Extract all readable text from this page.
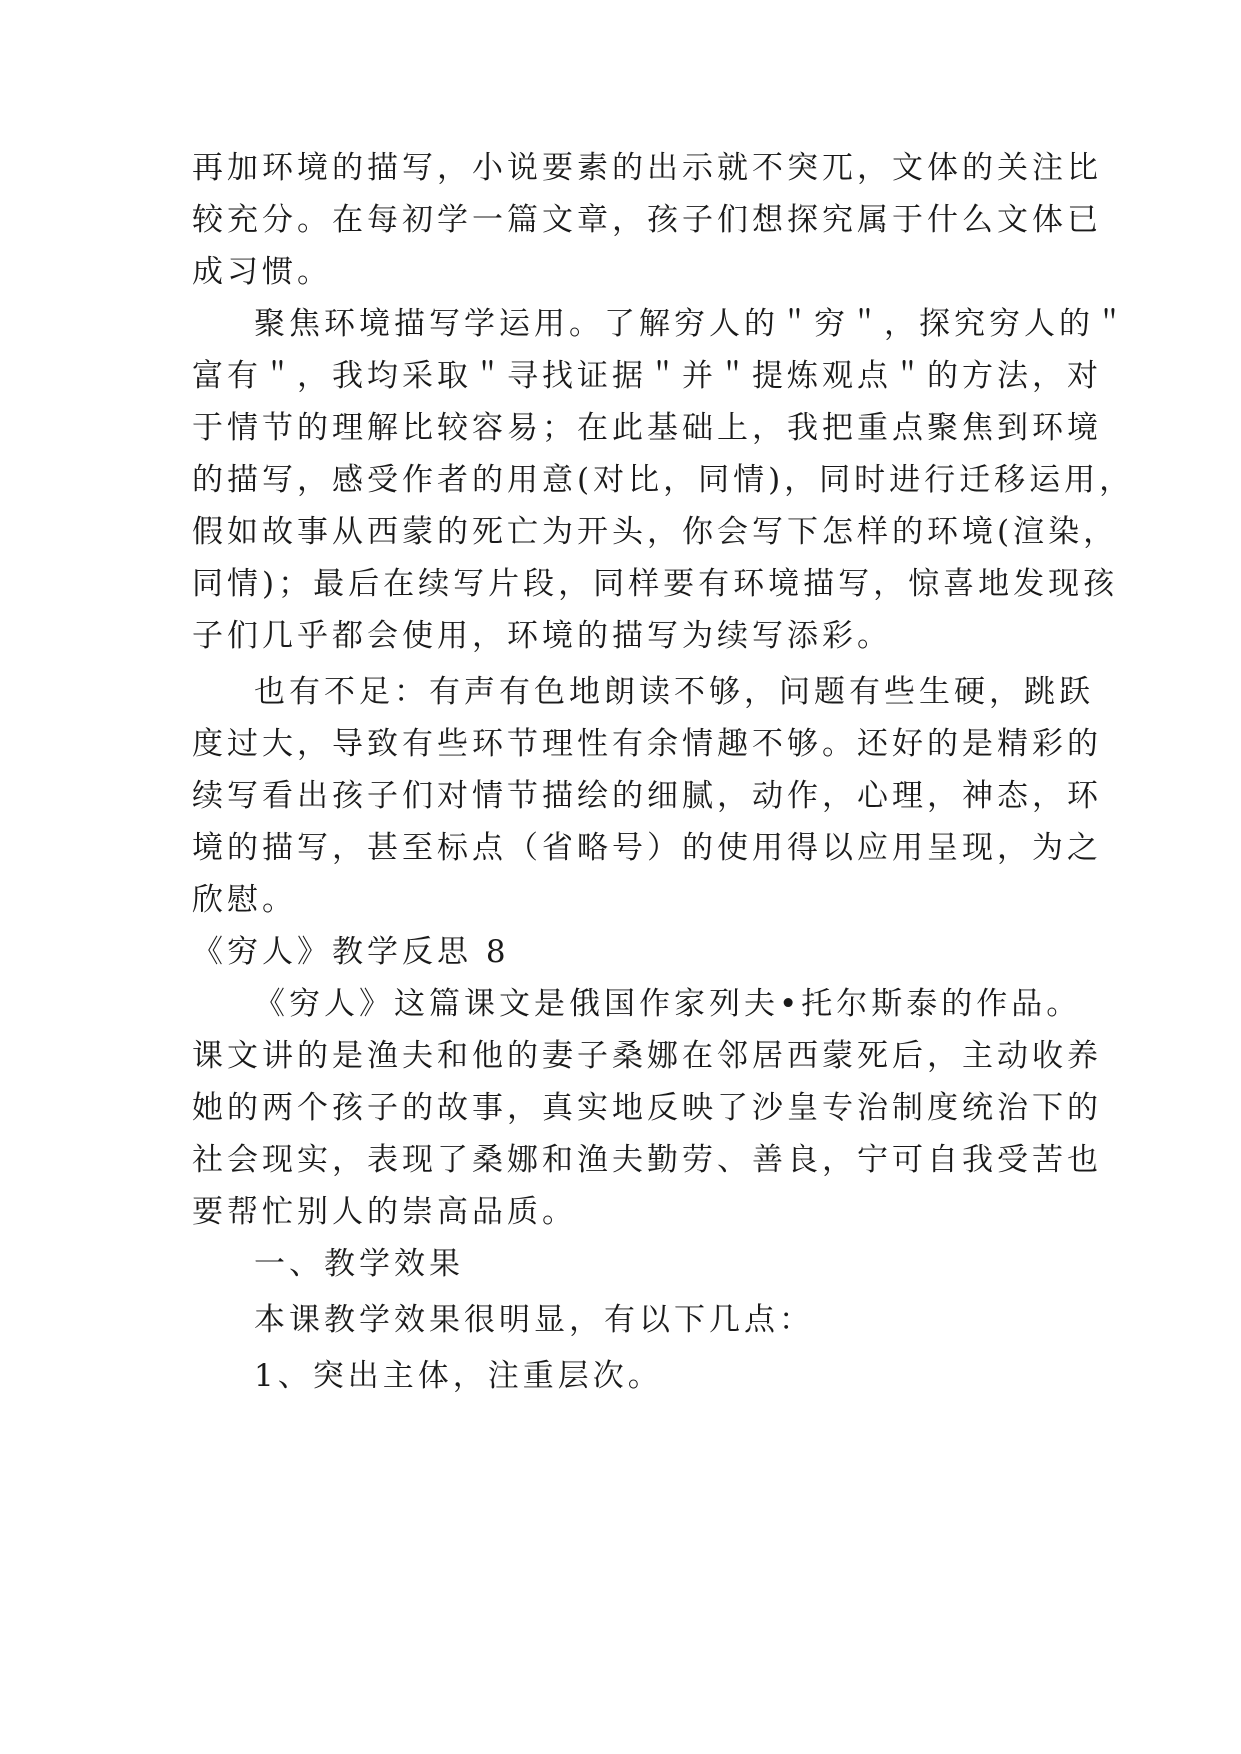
再加环境的描写，小说要素的出示就不突兀，文体的关注比
较充分。在每初学一篇文章，孩子们想探究属于什么文体已
成习惯。
聚焦环境描写学运用。了解穷人的＂穷＂，探究穷人的＂
富有＂，我均采取＂寻找证据＂并＂提炼观点＂的方法，对
于情节的理解比较容易；在此基础上，我把重点聚焦到环境
的描写，感受作者的用意(对比，同情)，同时进行迁移运用，
假如故事从西蒙的死亡为开头，你会写下怎样的环境(渲染，
同情)；最后在续写片段，同样要有环境描写，惊喜地发现孩
子们几乎都会使用，环境的描写为续写添彩。
也有不足：有声有色地朗读不够，问题有些生硬，跳跃
度过大，导致有些环节理性有余情趣不够。还好的是精彩的
续写看出孩子们对情节描绘的细腻，动作，心理，神态，环
境的描写，甚至标点（省略号）的使用得以应用呈现，为之
欣慰。
《穷人》教学反思 8
《穷人》这篇课文是俄国作家列夫•托尔斯泰的作品。
课文讲的是渔夫和他的妻子桑娜在邻居西蒙死后，主动收养
她的两个孩子的故事，真实地反映了沙皇专治制度统治下的
社会现实，表现了桑娜和渔夫勤劳、善良，宁可自我受苦也
要帮忙别人的崇高品质。
一、教学效果
本课教学效果很明显，有以下几点：
1、突出主体，注重层次。
